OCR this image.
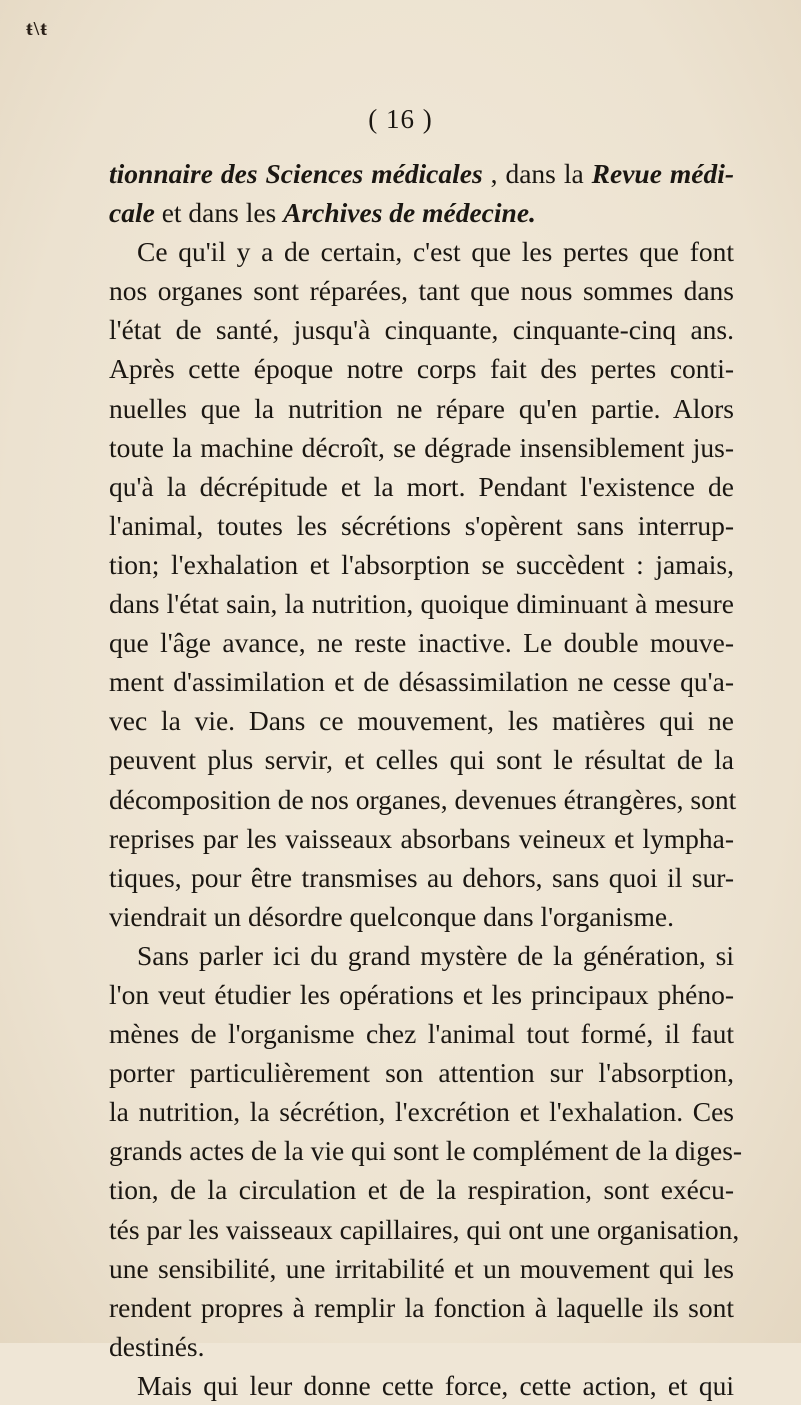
ŧ\ŧ
( 16 )
tionnaire des Sciences médicales , dans la Revue médi-
cale et dans les Archives de médecine.
Ce qu'il y a de certain, c'est que les pertes que font
nos organes sont réparées, tant que nous sommes dans
l'état de santé, jusqu'à cinquante, cinquante-cinq ans.
Après cette époque notre corps fait des pertes conti-
nuelles que la nutrition ne répare qu'en partie. Alors
toute la machine décroît, se dégrade insensiblement jus-
qu'à la décrépitude et la mort. Pendant l'existence de
l'animal, toutes les sécrétions s'opèrent sans interrup-
tion; l'exhalation et l'absorption se succèdent : jamais,
dans l'état sain, la nutrition, quoique diminuant à mesure
que l'âge avance, ne reste inactive. Le double mouve-
ment d'assimilation et de désassimilation ne cesse qu'a-
vec la vie. Dans ce mouvement, les matières qui ne
peuvent plus servir, et celles qui sont le résultat de la
décomposition de nos organes, devenues étrangères, sont
reprises par les vaisseaux absorbans veineux et lympha-
tiques, pour être transmises au dehors, sans quoi il sur-
viendrait un désordre quelconque dans l'organisme.
Sans parler ici du grand mystère de la génération, si
l'on veut étudier les opérations et les principaux phéno-
mènes de l'organisme chez l'animal tout formé, il faut
porter particulièrement son attention sur l'absorption,
la nutrition, la sécrétion, l'excrétion et l'exhalation. Ces
grands actes de la vie qui sont le complément de la diges-
tion, de la circulation et de la respiration, sont exécu-
tés par les vaisseaux capillaires, qui ont une organisation,
une sensibilité, une irritabilité et un mouvement qui les
rendent propres à remplir la fonction à laquelle ils sont
destinés.
Mais qui leur donne cette force, cette action, et qui
